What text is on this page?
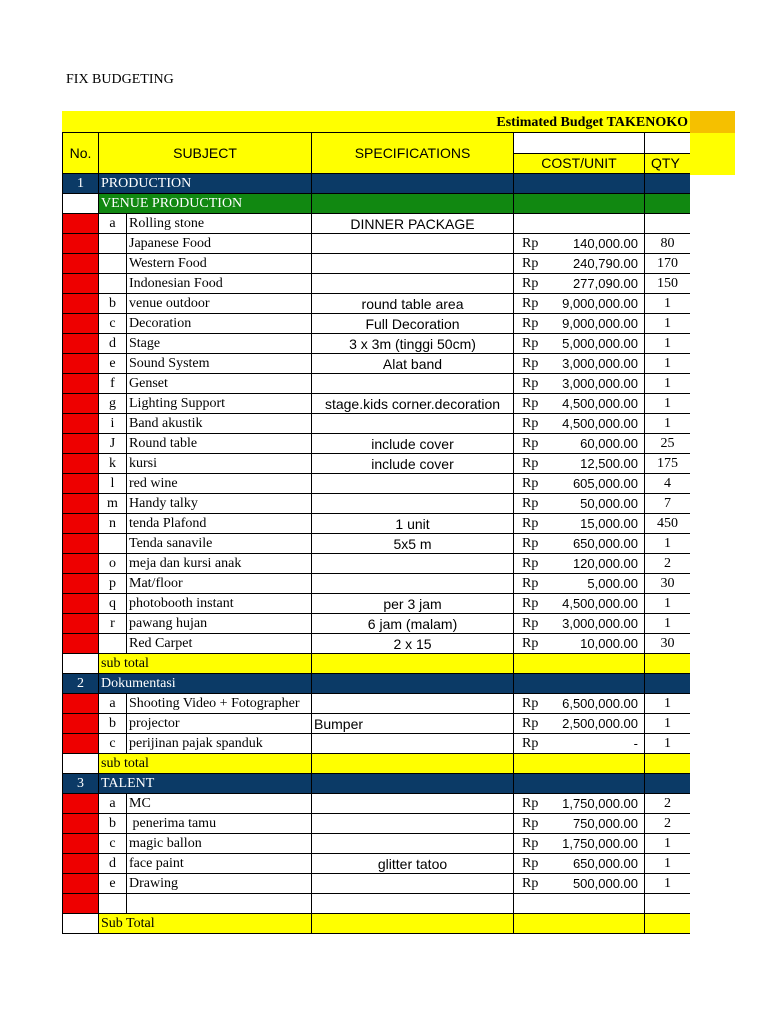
FIX BUDGETING
Estimated Budget TAKENOKO
No.	SUBJECT		SPECIFICATIONS		
				COST/UNIT	QTY
1	PRODUCTION				
	VENUE PRODUCTION				
	a	Rolling stone	DINNER PACKAGE	

		Japanese Food		Rp 140,000.00	80
		Western Food		Rp 240,790.00	170
		Indonesian Food		Rp 277,090.00	150
	b	venue outdoor	round table area	Rp 9,000,000.00	1
	c	Decoration	Full Decoration	Rp 9,000,000.00	1
	d	Stage	3 x 3m (tinggi 50cm)	Rp 5,000,000.00	1
	e	Sound System	Alat band	Rp 3,000,000.00	1
	f	Genset		Rp 3,000,000.00	1
	g	Lighting Support	stage.kids corner.decoration	Rp 4,500,000.00	1
	i	Band akustik		Rp 4,500,000.00	1
	J	Round table	include cover	Rp 60,000.00	25
	k	kursi	include cover	Rp 12,500.00	175
	l	red wine		Rp 605,000.00	4
	m	Handy talky		Rp 50,000.00	7
	n	tenda Plafond	1 unit	Rp 15,000.00	450
		Tenda sanavile	5x5 m	Rp 650,000.00	1
	o	meja dan kursi anak		Rp 120,000.00	2
	p	Mat/floor		Rp 5,000.00	30
	q	photobooth instant	per 3 jam	Rp 4,500,000.00	1
	r	pawang hujan	6 jam (malam)	Rp 3,000,000.00	1
		Red Carpet	2 x 15	Rp 10,000.00	30
	sub total				
2	Dokumentasi				
	a	Shooting Video + Fotographer		Rp 6,500,000.00	1
	b	projector	Bumper	Rp 2,500,000.00	1
	c	perijinan pajak spanduk		Rp -	1
	sub total				
3	TALENT				
	a	MC		Rp 1,750,000.00	2
	b	penerima tamu		Rp 750,000.00	2
	c	magic ballon		Rp 1,750,000.00	1
	d	face paint	glitter tatoo	Rp 650,000.00	1
	e	Drawing		Rp 500,000.00	1

	Sub Total				
